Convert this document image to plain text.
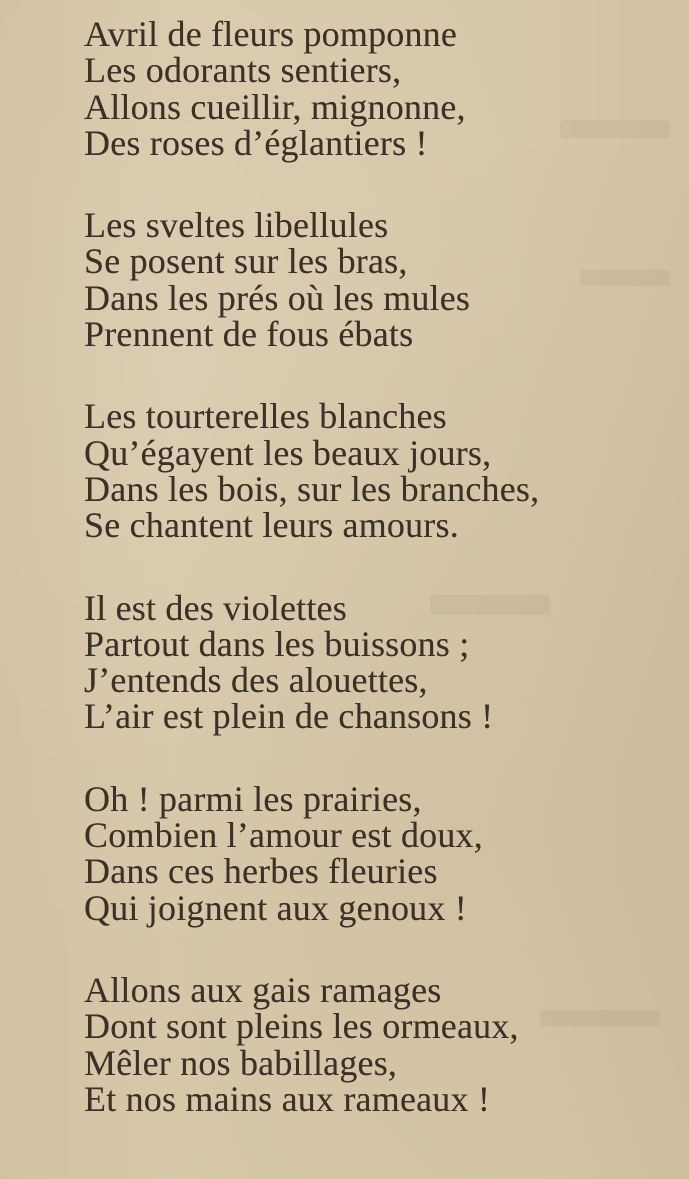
Avril de fleurs pomponne
Les odorants sentiers,
Allons cueillir, mignonne,
Des roses d’églantiers !
Les sveltes libellules
Se posent sur les bras,
Dans les prés où les mules
Prennent de fous ébats
Les tourterelles blanches
Qu’égayent les beaux jours,
Dans les bois, sur les branches,
Se chantent leurs amours.
Il est des violettes
Partout dans les buissons ;
J’entends des alouettes,
L’air est plein de chansons !
Oh ! parmi les prairies,
Combien l’amour est doux,
Dans ces herbes fleuries
Qui joignent aux genoux !
Allons aux gais ramages
Dont sont pleins les ormeaux,
Mêler nos babillages,
Et nos mains aux rameaux !
